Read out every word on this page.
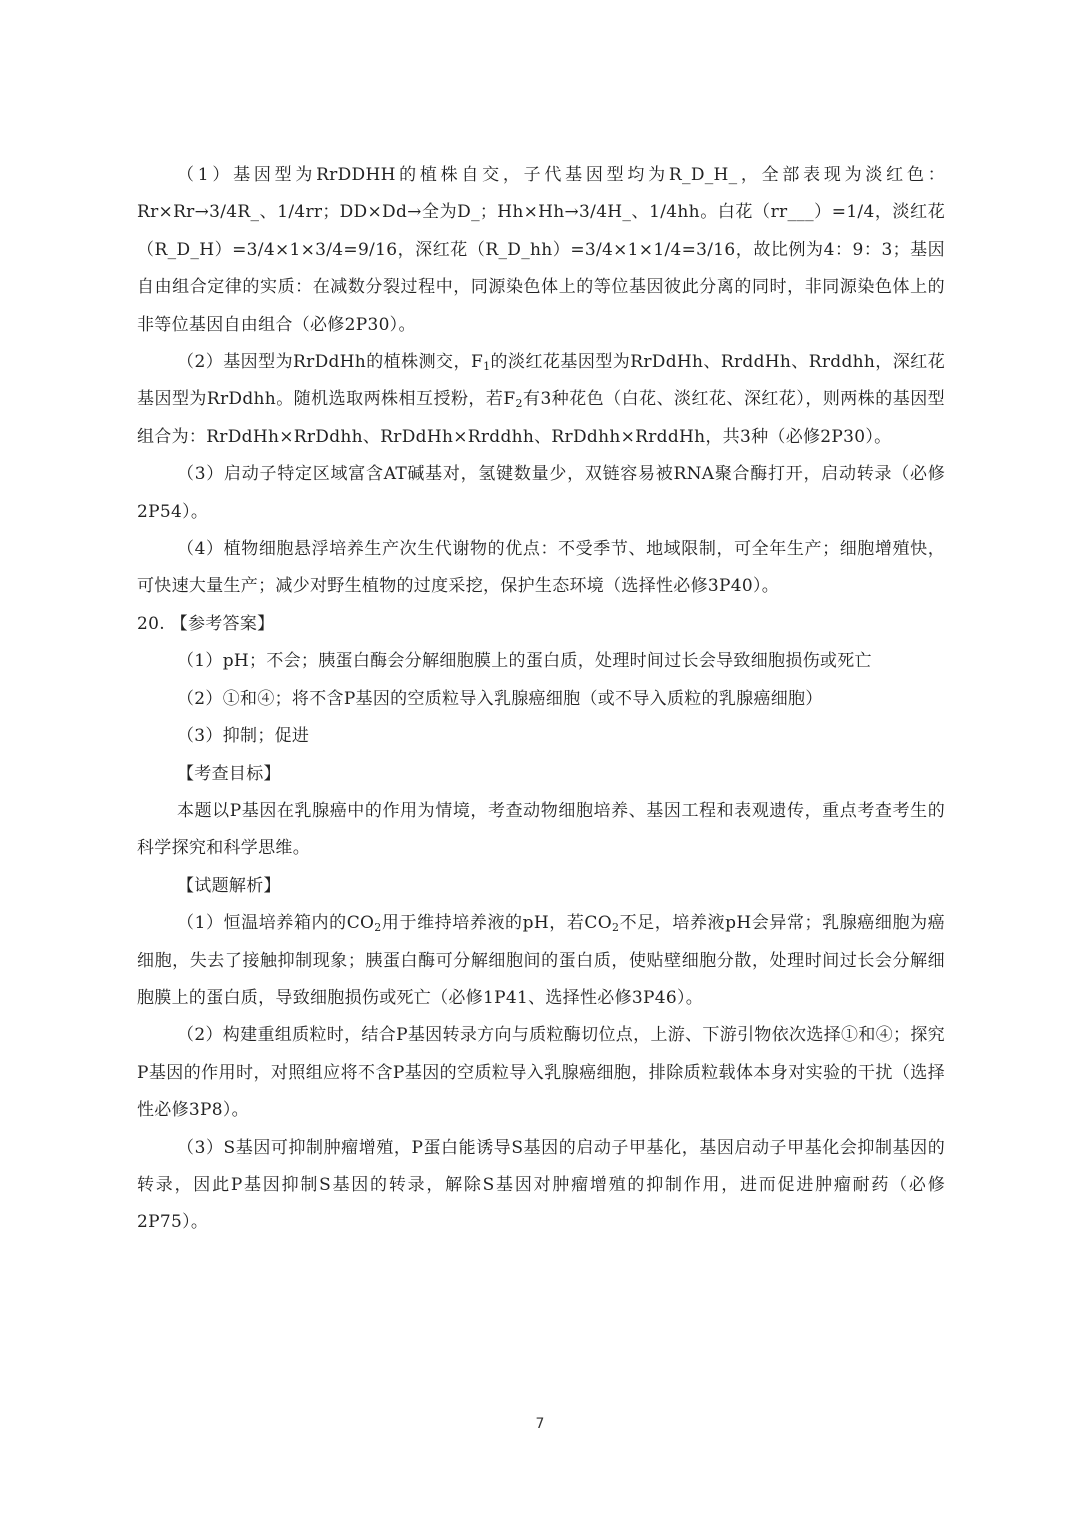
（1）基因型为RrDDHH的植株自交，子代基因型均为R_D_H_，全部表现为淡红色：Rr×Rr→3/4R_、1/4rr；DD×Dd→全为D_；Hh×Hh→3/4H_、1/4hh。白花（rr___）=1/4，淡红花（R_D_H）=3/4×1×3/4=9/16，深红花（R_D_hh）=3/4×1×1/4=3/16，故比例为4：9：3；基因自由组合定律的实质：在减数分裂过程中，同源染色体上的等位基因彼此分离的同时，非同源染色体上的非等位基因自由组合（必修2P30）。

（2）基因型为RrDdHh的植株测交，$F_1$的淡红花基因型为RrDdHh、RrddHh、Rrddhh，深红花基因型为RrDdhh。随机选取两株相互授粉，若$F_2$有3种花色（白花、淡红花、深红花），则两株的基因型组合为：RrDdHh×RrDdhh、RrDdHh×Rrddhh、RrDdhh×RrddHh，共3种（必修2P30）。

（3）启动子特定区域富含AT碱基对，氢键数量少，双链容易被RNA聚合酶打开，启动转录（必修2P54）。

（4）植物细胞悬浮培养生产次生代谢物的优点：不受季节、地域限制，可全年生产；细胞增殖快，可快速大量生产；减少对野生植物的过度采挖，保护生态环境（选择性必修3P40）。

20. 【参考答案】

（1）pH；不会；胰蛋白酶会分解细胞膜上的蛋白质，处理时间过长会导致细胞损伤或死亡

（2）①和④；将不含P基因的空质粒导入乳腺癌细胞（或不导入质粒的乳腺癌细胞）

（3）抑制；促进

【考查目标】

本题以P基因在乳腺癌中的作用为情境，考查动物细胞培养、基因工程和表观遗传，重点考查考生的科学探究和科学思维。

【试题解析】

（1）恒温培养箱内的$CO_2$用于维持培养液的pH，若$CO_2$不足，培养液pH会异常；乳腺癌细胞为癌细胞，失去了接触抑制现象；胰蛋白酶可分解细胞间的蛋白质，使贴壁细胞分散，处理时间过长会分解细胞膜上的蛋白质，导致细胞损伤或死亡（必修1P41、选择性必修3P46）。

（2）构建重组质粒时，结合P基因转录方向与质粒酶切位点，上游、下游引物依次选择①和④；探究P基因的作用时，对照组应将不含P基因的空质粒导入乳腺癌细胞，排除质粒载体本身对实验的干扰（选择性必修3P8）。

（3）S基因可抑制肿瘤增殖，P蛋白能诱导S基因的启动子甲基化，基因启动子甲基化会抑制基因的转录，因此P基因抑制S基因的转录，解除S基因对肿瘤增殖的抑制作用，进而促进肿瘤耐药（必修2P75）。

7
